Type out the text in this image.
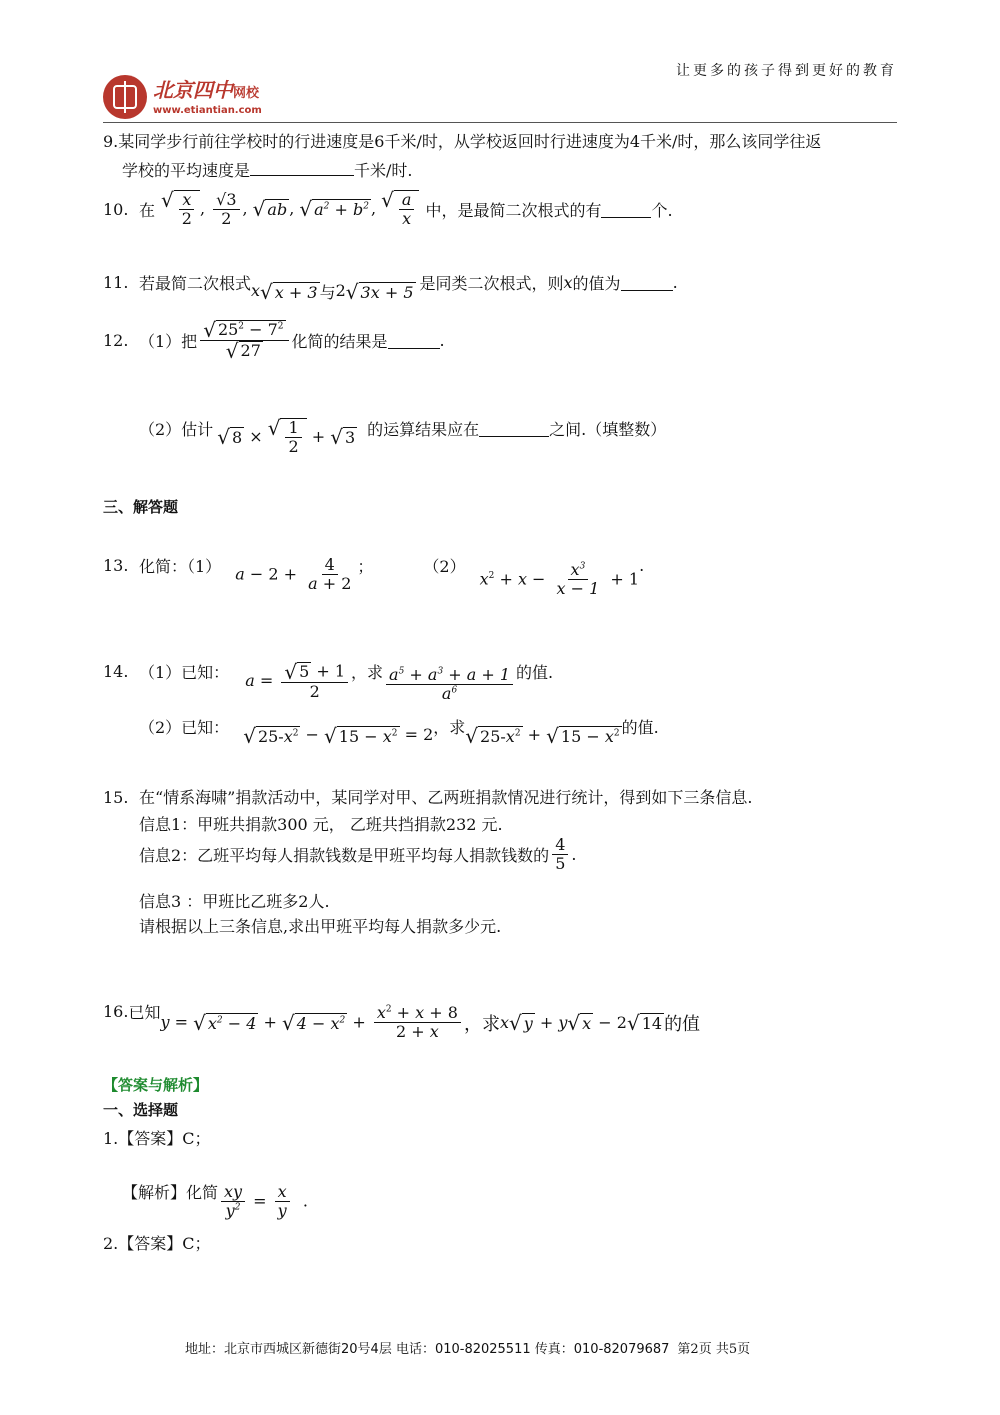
北京四中网校
www.etiantian.com
让更多的孩子得到更好的教育
9.某同学步行前往学校时的行进速度是6千米/时，从学校返回时行进速度为4千米/时，那么该同学往返
学校的平均速度是	千米/时.
10. 在 √ $\frac{x}{2}$ , $\frac{√3}{2}$ , √ ab , √ $a^2 + b^2$ , √ $\frac{a}{x}$ 中，是最简二次根式的有	个.
11. 若最简二次根式 x √ x + 3 与 2 √ 3x + 5 是同类二次根式，则 x 的值为	.
12. （1）把 $\frac{√ 25^2 - 7^2}{√ 27}$ 化简的结果是	.
（2）估计 √ 8 × √ $\frac{1}{2}$ + √ 3 的运算结果应在	之间.（填整数）
三、解答题
13. 化简：（1） $a - 2 + \frac{4}{a + 2}$ ；	（2）
$x^2 + x - \frac{x^3}{x - 1} + 1$
.
14. （1）已知： $a = \frac{√ 5 + 1}{2}$ ，求 $\frac{a^5 + a^3 + a + 1}{a^6}$ 的值.
（2）已知： √ $25-x^2$ − √ $15 - x^2 = 2$ ，求 √ $25-x^2$ + √ $15 - x^2$ 的值.
15. 在“情系海啸”捐款活动中，某同学对甲、乙两班捐款情况进行统计，得到如下三条信息.
信息1：甲班共捐款300 元， 乙班共挡捐款232 元.
信息2：乙班平均每人捐款钱数是甲班平均每人捐款钱数的 $\frac{4}{5}$ .
信息3 ：甲班比乙班多2人.
请根据以上三条信息,求出甲班平均每人捐款多少元.
16. 已知 y = √ $x^2 - 4$ + √ $4 - x^2 + \frac{x^2 + x + 8}{2 + x}$ ，求 x √ y + y √ x − 2 √ 14 的值
【答案与解析】
一、选择题
1.【答案】C；
【解析】化简 $\frac{xy}{y^2} = \frac{x}{y}$ .
2.【答案】C；
地址：北京市西城区新德街20号4层 电话：010-82025511 传真：010-82079687 第2页 共5页
